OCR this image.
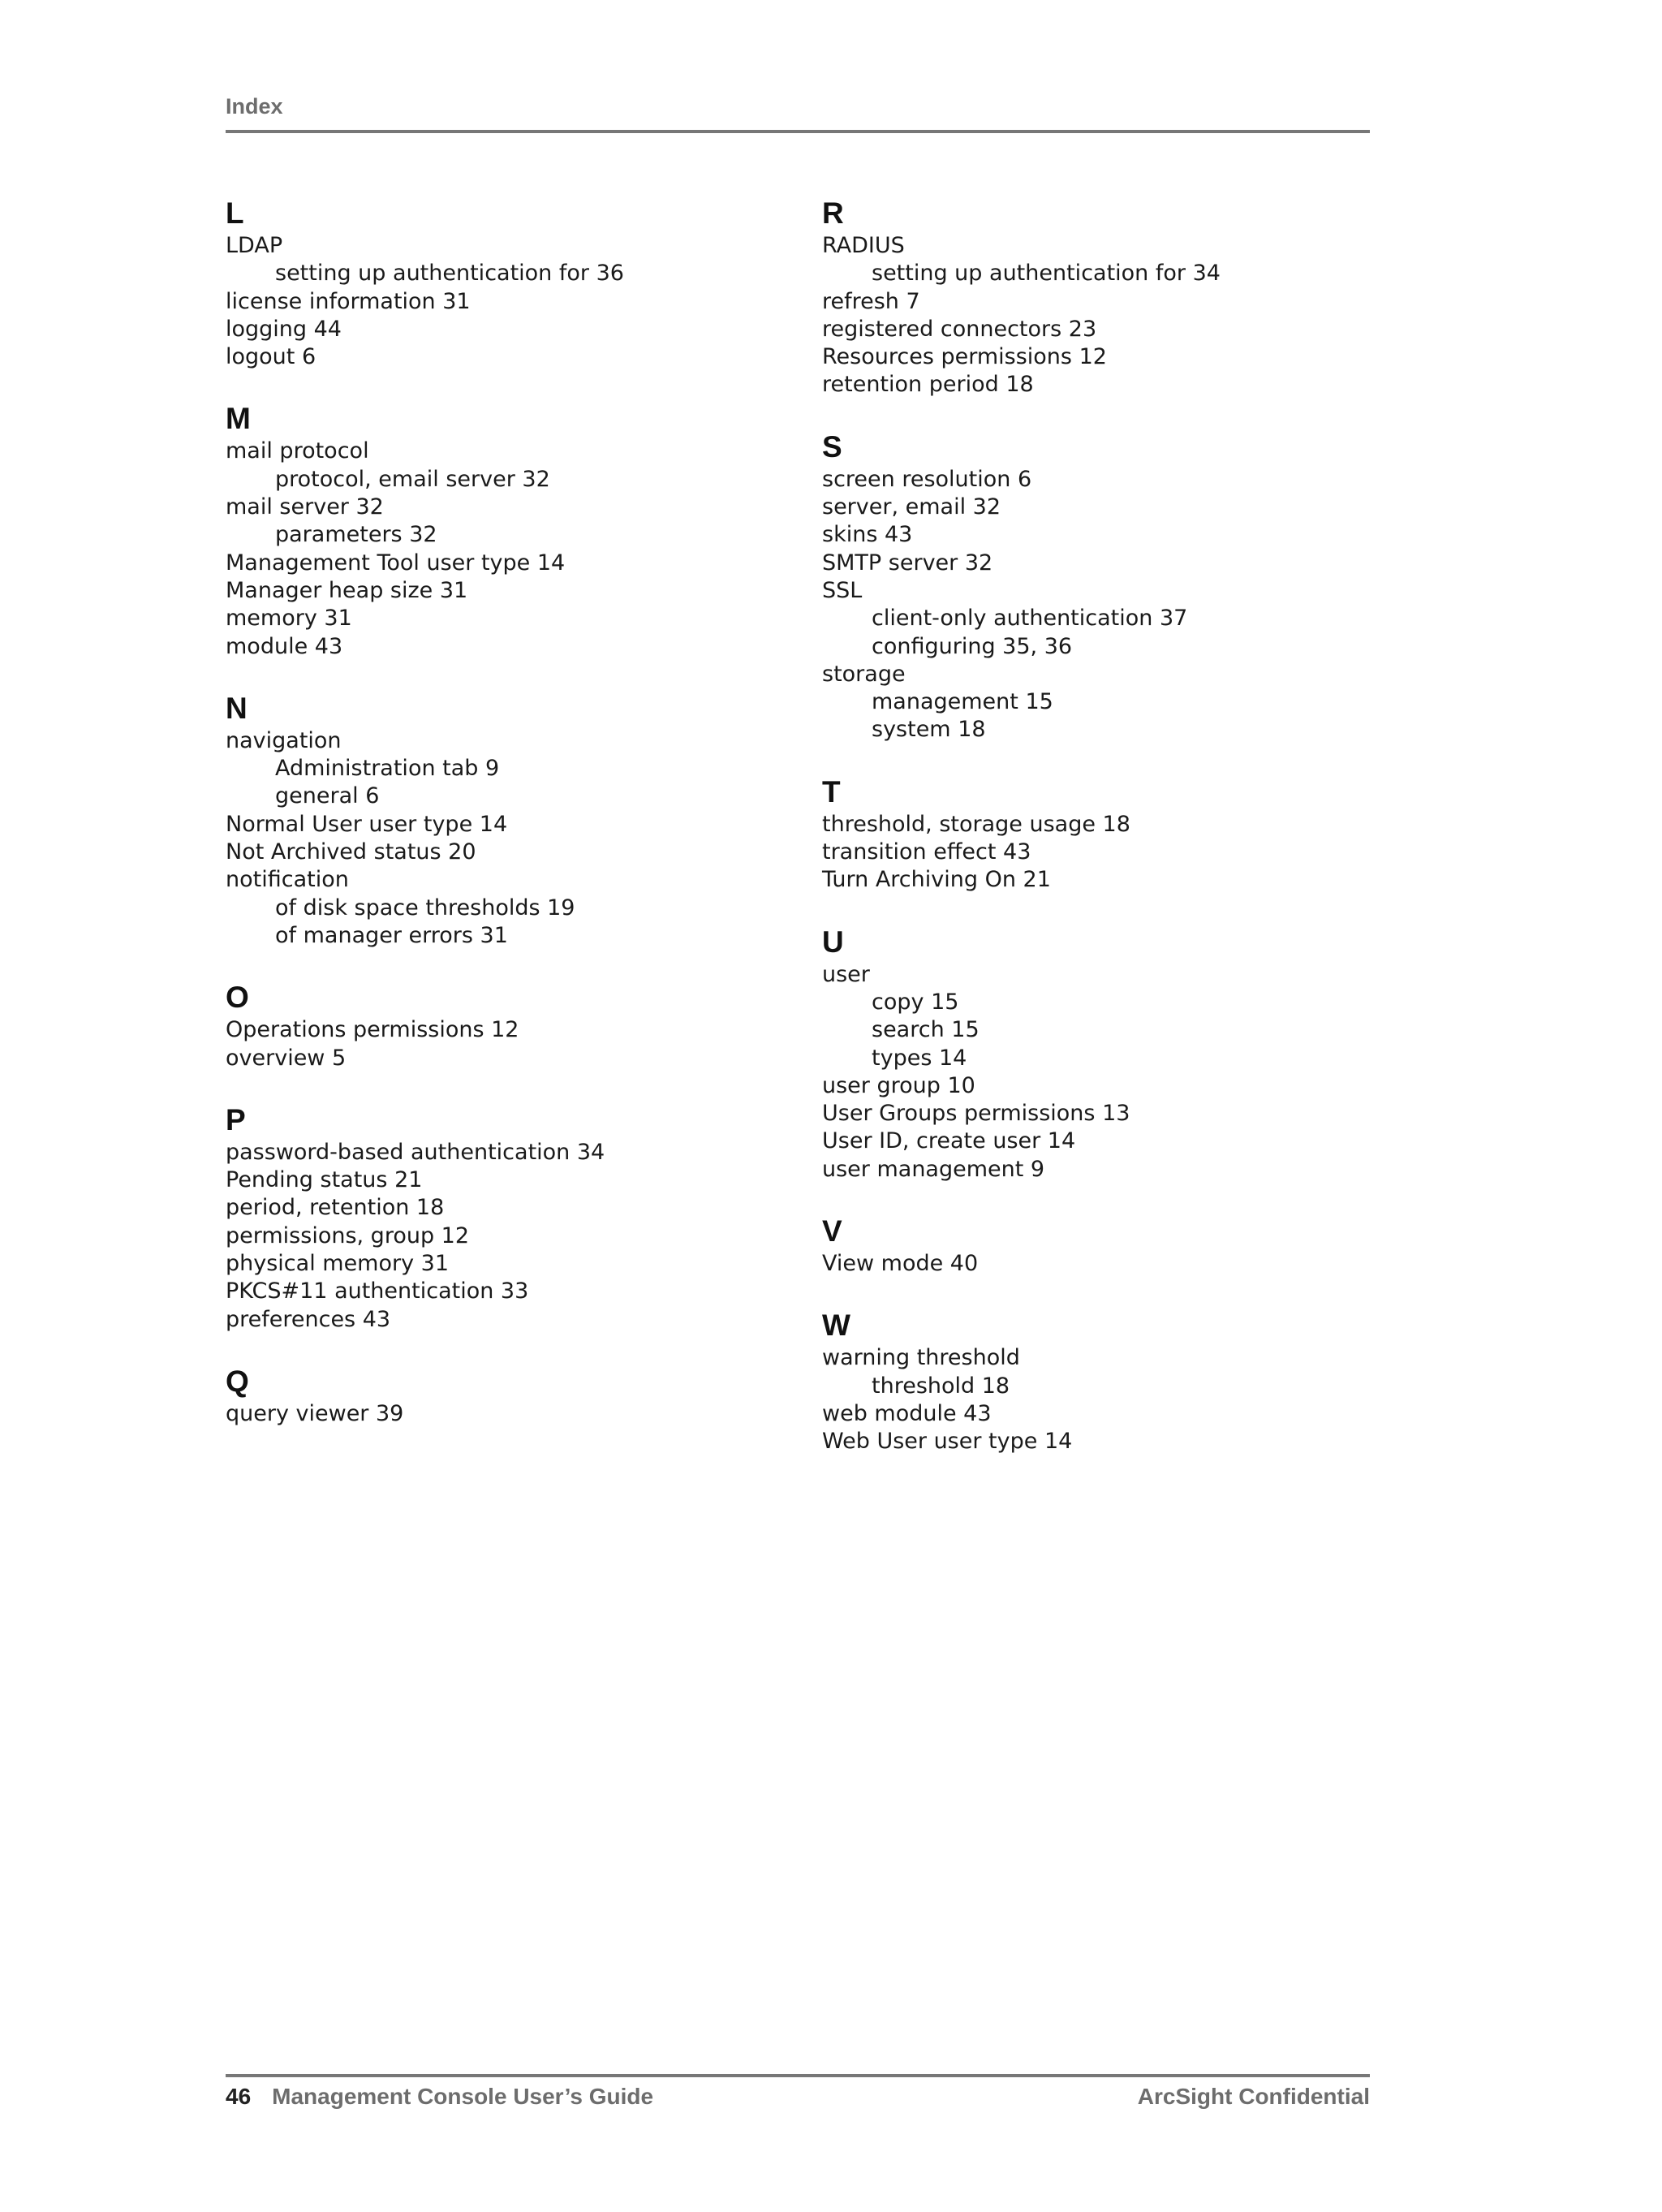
Index
L
LDAP
setting up authentication for 36
license information 31
logging 44
logout 6
M
mail protocol
protocol, email server 32
mail server 32
parameters 32
Management Tool user type 14
Manager heap size 31
memory 31
module 43
N
navigation
Administration tab 9
general 6
Normal User user type 14
Not Archived status 20
notification
of disk space thresholds 19
of manager errors 31
O
Operations permissions 12
overview 5
P
password-based authentication 34
Pending status 21
period, retention 18
permissions, group 12
physical memory 31
PKCS#11 authentication 33
preferences 43
Q
query viewer 39
R
RADIUS
setting up authentication for 34
refresh 7
registered connectors 23
Resources permissions 12
retention period 18
S
screen resolution 6
server, email 32
skins 43
SMTP server 32
SSL
client-only authentication 37
configuring 35, 36
storage
management 15
system 18
T
threshold, storage usage 18
transition effect 43
Turn Archiving On 21
U
user
copy 15
search 15
types 14
user group 10
User Groups permissions 13
User ID, create user 14
user management 9
V
View mode 40
W
warning threshold
threshold 18
web module 43
Web User user type 14
46 Management Console User’s Guide	ArcSight Confidential
